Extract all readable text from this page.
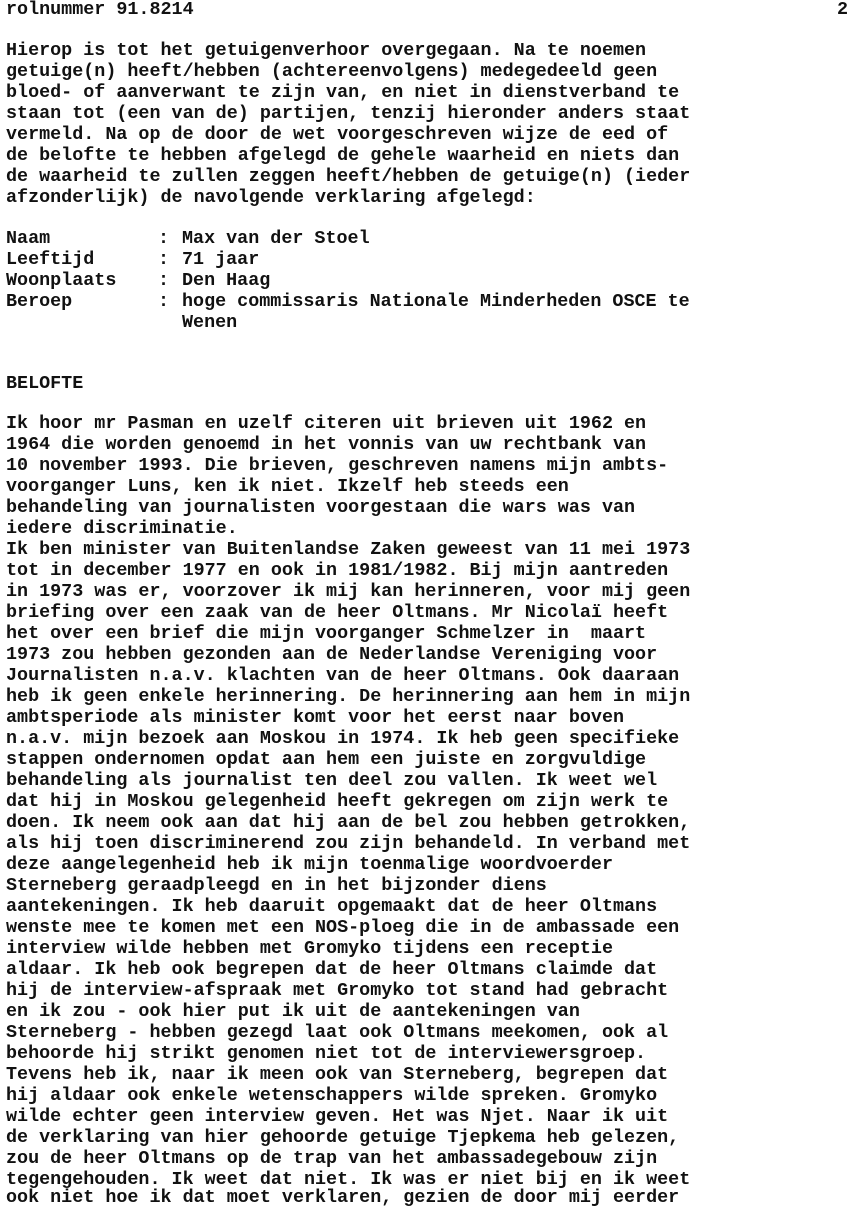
rolnummer 91.8214	2
Hierop is tot het getuigenverhoor overgegaan. Na te noemen
getuige(n) heeft/hebben (achtereenvolgens) medegedeeld geen
bloed- of aanverwant te zijn van, en niet in dienstverband te
staan tot (een van de) partijen, tenzij hieronder anders staat
vermeld. Na op de door de wet voorgeschreven wijze de eed of
de belofte te hebben afgelegd de gehele waarheid en niets dan
de waarheid te zullen zeggen heeft/hebben de getuige(n) (ieder
afzonderlijk) de navolgende verklaring afgelegd:
Naam	: Max van der Stoel
Leeftijd	: 71 jaar
Woonplaats : Den Haag
Beroep	: hoge commissaris Nationale Minderheden OSCE te
Wenen
BELOFTE
Ik hoor mr Pasman en uzelf citeren uit brieven uit 1962 en
1964 die worden genoemd in het vonnis van uw rechtbank van
10 november 1993. Die brieven, geschreven namens mijn ambts-
voorganger Luns, ken ik niet. Ikzelf heb steeds een
behandeling van journalisten voorgestaan die wars was van
iedere discriminatie.
Ik ben minister van Buitenlandse Zaken geweest van 11 mei 1973
tot in december 1977 en ook in 1981/1982. Bij mijn aantreden
in 1973 was er, voorzover ik mij kan herinneren, voor mij geen
briefing over een zaak van de heer Oltmans. Mr Nicolaï heeft
het over een brief die mijn voorganger Schmelzer in  maart
1973 zou hebben gezonden aan de Nederlandse Vereniging voor
Journalisten n.a.v. klachten van de heer Oltmans. Ook daaraan
heb ik geen enkele herinnering. De herinnering aan hem in mijn
ambtsperiode als minister komt voor het eerst naar boven
n.a.v. mijn bezoek aan Moskou in 1974. Ik heb geen specifieke
stappen ondernomen opdat aan hem een juiste en zorgvuldige
behandeling als journalist ten deel zou vallen. Ik weet wel
dat hij in Moskou gelegenheid heeft gekregen om zijn werk te
doen. Ik neem ook aan dat hij aan de bel zou hebben getrokken,
als hij toen discriminerend zou zijn behandeld. In verband met
deze aangelegenheid heb ik mijn toenmalige woordvoerder
Sterneberg geraadpleegd en in het bijzonder diens
aantekeningen. Ik heb daaruit opgemaakt dat de heer Oltmans
wenste mee te komen met een NOS-ploeg die in de ambassade een
interview wilde hebben met Gromyko tijdens een receptie
aldaar. Ik heb ook begrepen dat de heer Oltmans claimde dat
hij de interview-afspraak met Gromyko tot stand had gebracht
en ik zou - ook hier put ik uit de aantekeningen van
Sterneberg - hebben gezegd laat ook Oltmans meekomen, ook al
behoorde hij strikt genomen niet tot de interviewersgroep.
Tevens heb ik, naar ik meen ook van Sterneberg, begrepen dat
hij aldaar ook enkele wetenschappers wilde spreken. Gromyko
wilde echter geen interview geven. Het was Njet. Naar ik uit
de verklaring van hier gehoorde getuige Tjepkema heb gelezen,
zou de heer Oltmans op de trap van het ambassadegebouw zijn
tegengehouden. Ik weet dat niet. Ik was er niet bij en ik weet
ook niet hoe ik dat moet verklaren, gezien de door mij eerder
